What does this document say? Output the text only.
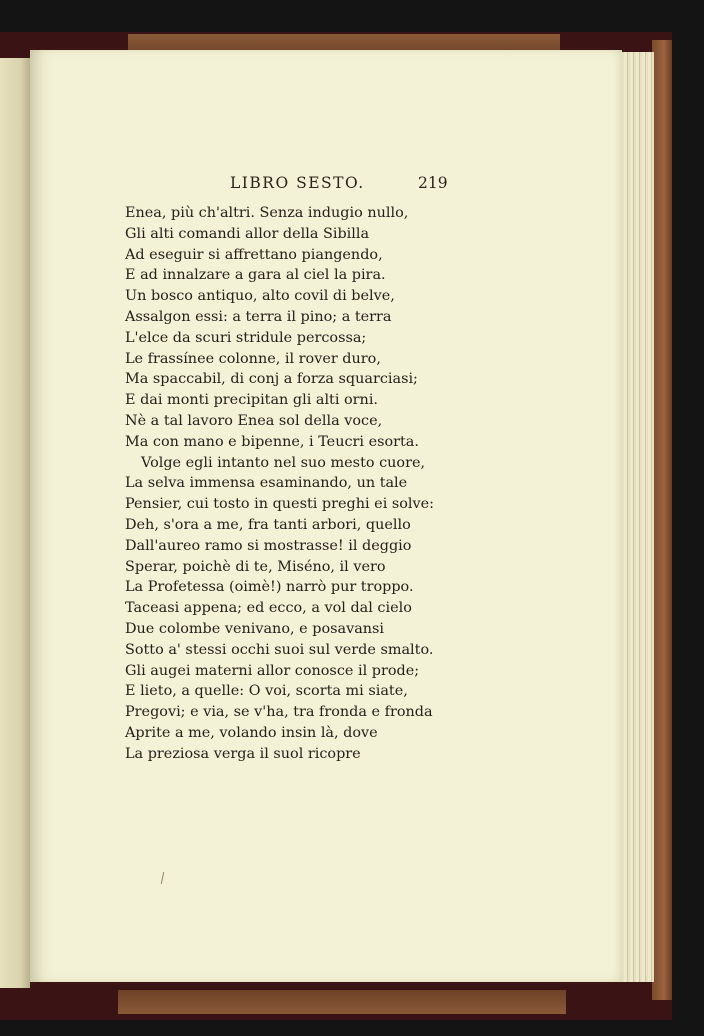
LIBRO SESTO.	219
Enea, più ch'altri. Senza indugio nullo,
Gli alti comandi allor della Sibilla
Ad eseguir si affrettano piangendo,
E ad innalzare a gara al ciel la pira.
Un bosco antiquo, alto covil di belve,
Assalgon essi: a terra il pino; a terra
L'elce da scuri stridule percossa;
Le frassínee colonne, il rover duro,
Ma spaccabil, di conj a forza squarciasi;
E dai monti precipitan gli alti orni.
Nè a tal lavoro Enea sol della voce,
Ma con mano e bipenne, i Teucri esorta.
Volge egli intanto nel suo mesto cuore,
La selva immensa esaminando, un tale
Pensier, cui tosto in questi preghi ei solve:
Deh, s'ora a me, fra tanti arbori, quello
Dall'aureo ramo si mostrasse! il deggio
Sperar, poichè di te, Miséno, il vero
La Profetessa (oimè!) narrò pur troppo.
Taceasi appena; ed ecco, a vol dal cielo
Due colombe venivano, e posavansi
Sotto a' stessi occhi suoi sul verde smalto.
Gli augei materni allor conosce il prode;
E lieto, a quelle: O voi, scorta mi siate,
Pregovi; e via, se v'ha, tra fronda e fronda
Aprite a me, volando insin là, dove
La preziosa verga il suol ricopre
